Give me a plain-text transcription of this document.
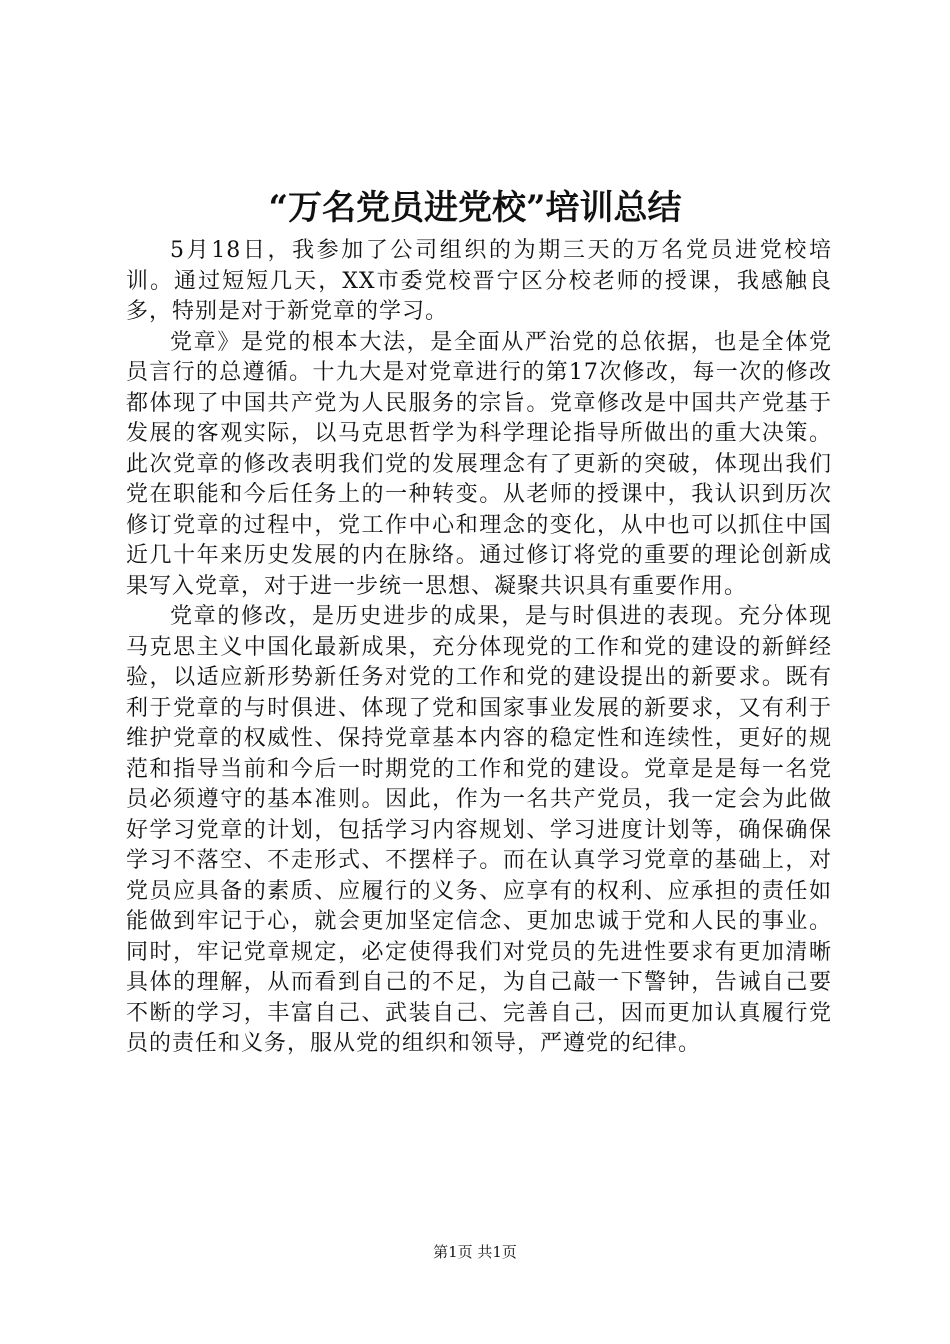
“万名党员进党校”培训总结

5月18日，我参加了公司组织的为期三天的万名党员进党校培训。通过短短几天，XX市委党校晋宁区分校老师的授课，我感触良多，特别是对于新党章的学习。

党章》是党的根本大法，是全面从严治党的总依据，也是全体党员言行的总遵循。十九大是对党章进行的第17次修改，每一次的修改都体现了中国共产党为人民服务的宗旨。党章修改是中国共产党基于发展的客观实际，以马克思哲学为科学理论指导所做出的重大决策。此次党章的修改表明我们党的发展理念有了更新的突破，体现出我们党在职能和今后任务上的一种转变。从老师的授课中，我认识到历次修订党章的过程中，党工作中心和理念的变化，从中也可以抓住中国近几十年来历史发展的内在脉络。通过修订将党的重要的理论创新成果写入党章，对于进一步统一思想、凝聚共识具有重要作用。

党章的修改，是历史进步的成果，是与时俱进的表现。充分体现马克思主义中国化最新成果，充分体现党的工作和党的建设的新鲜经验，以适应新形势新任务对党的工作和党的建设提出的新要求。既有利于党章的与时俱进、体现了党和国家事业发展的新要求，又有利于维护党章的权威性、保持党章基本内容的稳定性和连续性，更好的规范和指导当前和今后一时期党的工作和党的建设。党章是是每一名党员必须遵守的基本准则。因此，作为一名共产党员，我一定会为此做好学习党章的计划，包括学习内容规划、学习进度计划等，确保确保学习不落空、不走形式、不摆样子。而在认真学习党章的基础上，对党员应具备的素质、应履行的义务、应享有的权利、应承担的责任如能做到牢记于心，就会更加坚定信念、更加忠诚于党和人民的事业。同时，牢记党章规定，必定使得我们对党员的先进性要求有更加清晰具体的理解，从而看到自己的不足，为自己敲一下警钟，告诫自己要不断的学习，丰富自己、武装自己、完善自己，因而更加认真履行党员的责任和义务，服从党的组织和领导，严遵党的纪律。

第1页 共1页
